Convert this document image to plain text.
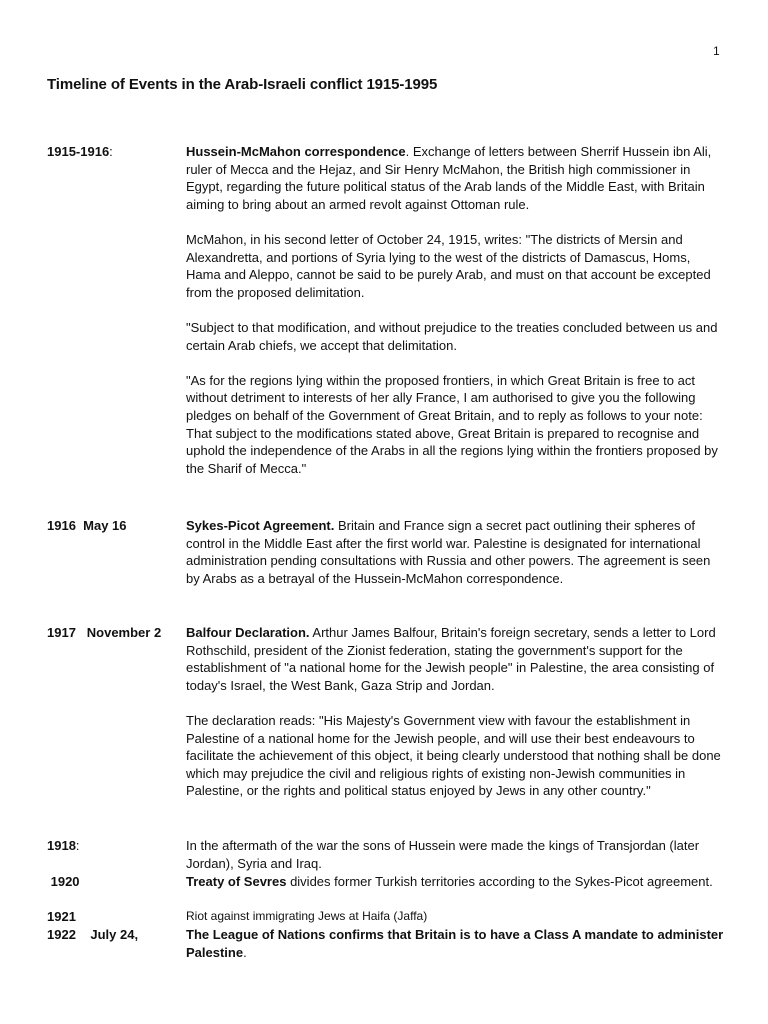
1
Timeline of Events in the Arab-Israeli conflict 1915-1995
1915-1916:	Hussein-McMahon correspondence. Exchange of letters between Sherrif Hussein ibn Ali, ruler of Mecca and the Hejaz, and Sir Henry McMahon, the British high commissioner in Egypt, regarding the future political status of the Arab lands of the Middle East, with Britain aiming to bring about an armed revolt against Ottoman rule.

McMahon, in his second letter of October 24, 1915, writes: "The districts of Mersin and Alexandretta, and portions of Syria lying to the west of the districts of Damascus, Homs, Hama and Aleppo, cannot be said to be purely Arab, and must on that account be excepted from the proposed delimitation.

"Subject to that modification, and without prejudice to the treaties concluded between us and certain Arab chiefs, we accept that delimitation.

"As for the regions lying within the proposed frontiers, in which Great Britain is free to act without detriment to interests of her ally France, I am authorised to give you the following pledges on behalf of the Government of Great Britain, and to reply as follows to your note: That subject to the modifications stated above, Great Britain is prepared to recognise and uphold the independence of the Arabs in all the regions lying within the frontiers proposed by the Sharif of Mecca."

1916  May 16	Sykes-Picot Agreement. Britain and France sign a secret pact outlining their spheres of control in the Middle East after the first world war. Palestine is designated for international administration pending consultations with Russia and other powers. The agreement is seen by Arabs as a betrayal of the Hussein-McMahon correspondence.

1917   November 2	Balfour Declaration. Arthur James Balfour, Britain's foreign secretary, sends a letter to Lord Rothschild, president of the Zionist federation, stating the government's support for the establishment of "a national home for the Jewish people" in Palestine, the area consisting of today's Israel, the West Bank, Gaza Strip and Jordan.

The declaration reads: "His Majesty's Government view with favour the establishment in Palestine of a national home for the Jewish people, and will use their best endeavours to facilitate the achievement of this object, it being clearly understood that nothing shall be done which may prejudice the civil and religious rights of existing non-Jewish communities in Palestine, or the rights and political status enjoyed by Jews in any other country."

1918:	In the aftermath of the war the sons of Hussein were made the kings of Transjordan (later Jordan), Syria and Iraq.

1920	Treaty of Sevres divides former Turkish territories according to the Sykes-Picot agreement.

1921	Riot against immigrating Jews at Haifa (Jaffa)

1922    July 24,	The League of Nations confirms that Britain is to have a Class A mandate to administer Palestine.
